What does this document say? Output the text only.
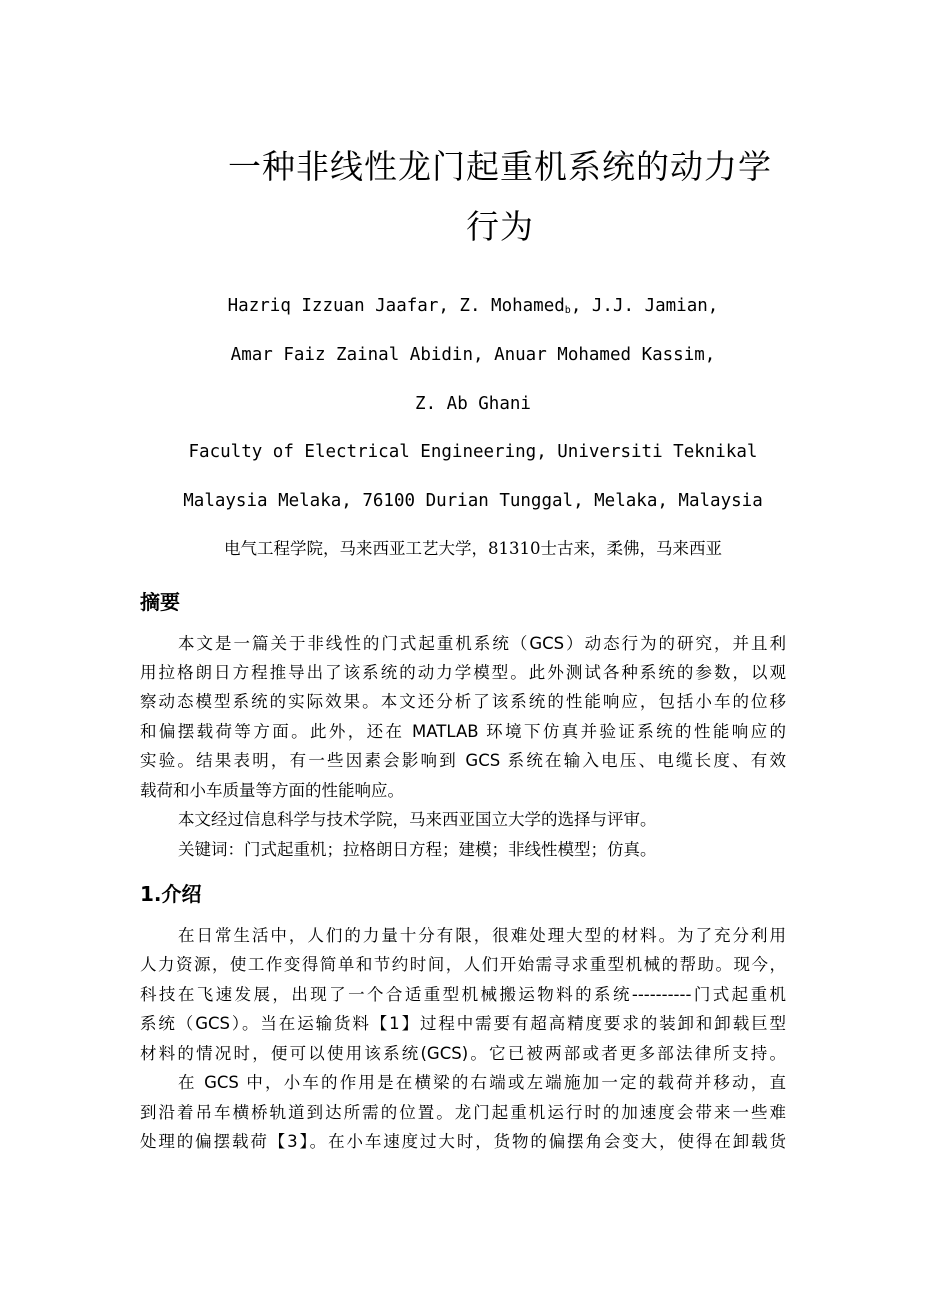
一种非线性龙门起重机系统的动力学
行为
Hazriq Izzuan Jaafar, Z. Mohamed$_b$, J.J. Jamian,
Amar Faiz Zainal Abidin, Anuar Mohamed Kassim,
Z. Ab Ghani
Faculty of Electrical Engineering, Universiti Teknikal
Malaysia Melaka, 76100 Durian Tunggal, Melaka, Malaysia
电气工程学院，马来西亚工艺大学，81310士古来，柔佛，马来西亚
摘要
本文是一篇关于非线性的门式起重机系统（GCS）动态行为的研究，并且利
用拉格朗日方程推导出了该系统的动力学模型。此外测试各种系统的参数，以观
察动态模型系统的实际效果。本文还分析了该系统的性能响应，包括小车的位移
和偏摆载荷等方面。此外，还在 MATLAB 环境下仿真并验证系统的性能响应的
实验。结果表明，有一些因素会影响到 GCS 系统在输入电压、电缆长度、有效
载荷和小车质量等方面的性能响应。
本文经过信息科学与技术学院，马来西亚国立大学的选择与评审。
关键词：门式起重机；拉格朗日方程；建模；非线性模型；仿真。
1.介绍
在日常生活中，人们的力量十分有限，很难处理大型的材料。为了充分利用
人力资源，使工作变得简单和节约时间，人们开始需寻求重型机械的帮助。现今，
科技在飞速发展，出现了一个合适重型机械搬运物料的系统----------门式起重机
系统（GCS）。当在运输货料【1】过程中需要有超高精度要求的装卸和卸载巨型
材料的情况时，便可以使用该系统(GCS)。它已被两部或者更多部法律所支持。
在 GCS 中，小车的作用是在横梁的右端或左端施加一定的载荷并移动，直
到沿着吊车横桥轨道到达所需的位置。龙门起重机运行时的加速度会带来一些难
处理的偏摆载荷【3】。在小车速度过大时，货物的偏摆角会变大，使得在卸载货
